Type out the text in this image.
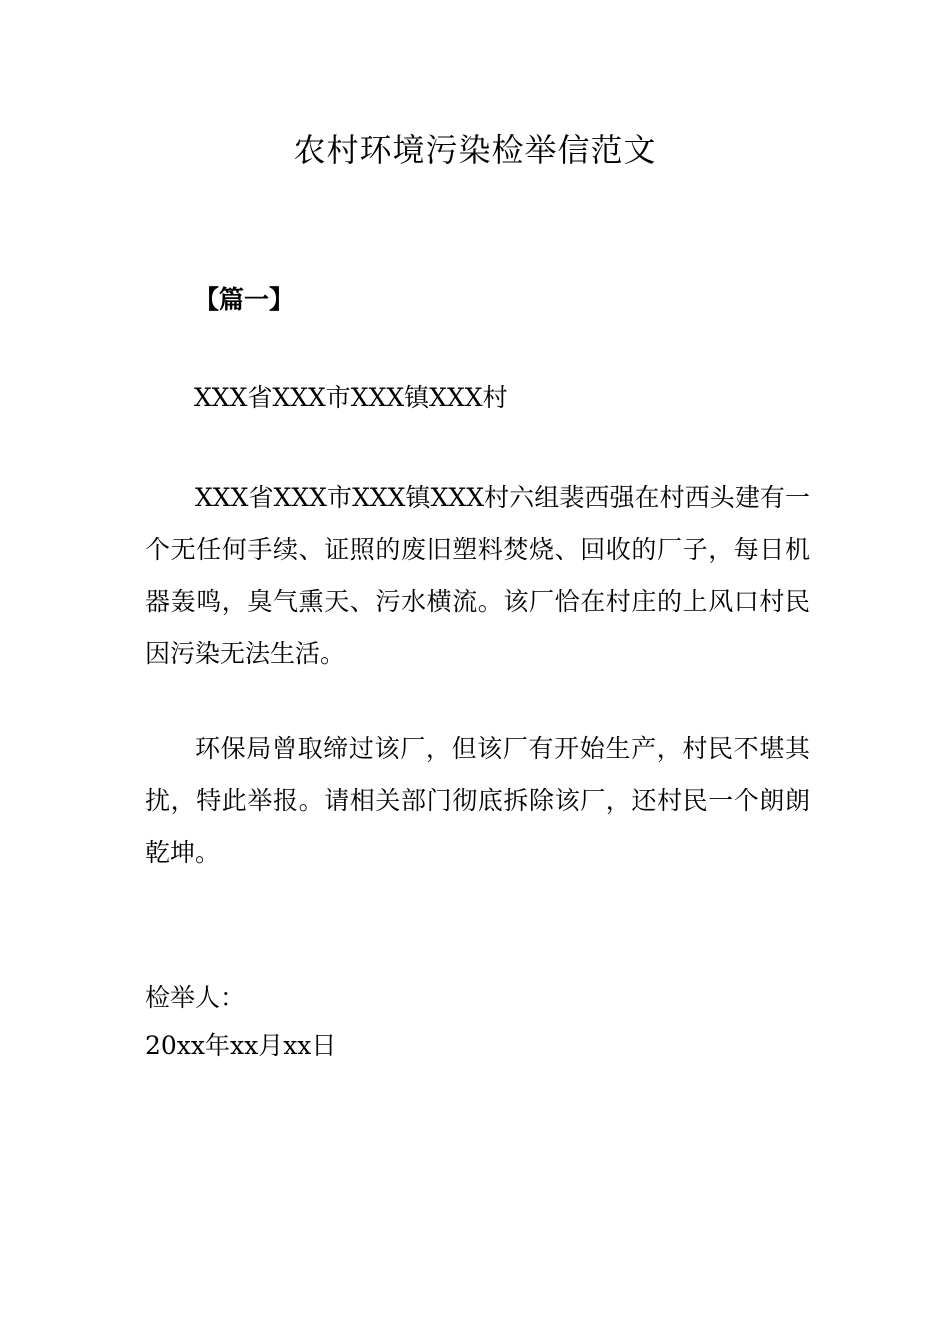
农村环境污染检举信范文
【篇一】
XXX省XXX市XXX镇XXX村

XXX省XXX市XXX镇XXX村六组裴西强在村西头建有一个无任何手续、证照的废旧塑料焚烧、回收的厂子，每日机器轰鸣，臭气熏天、污水横流。该厂恰在村庄的上风口村民因污染无法生活。

环保局曾取缔过该厂，但该厂有开始生产，村民不堪其扰，特此举报。请相关部门彻底拆除该厂，还村民一个朗朗乾坤。

检举人：
20xx年xx月xx日
